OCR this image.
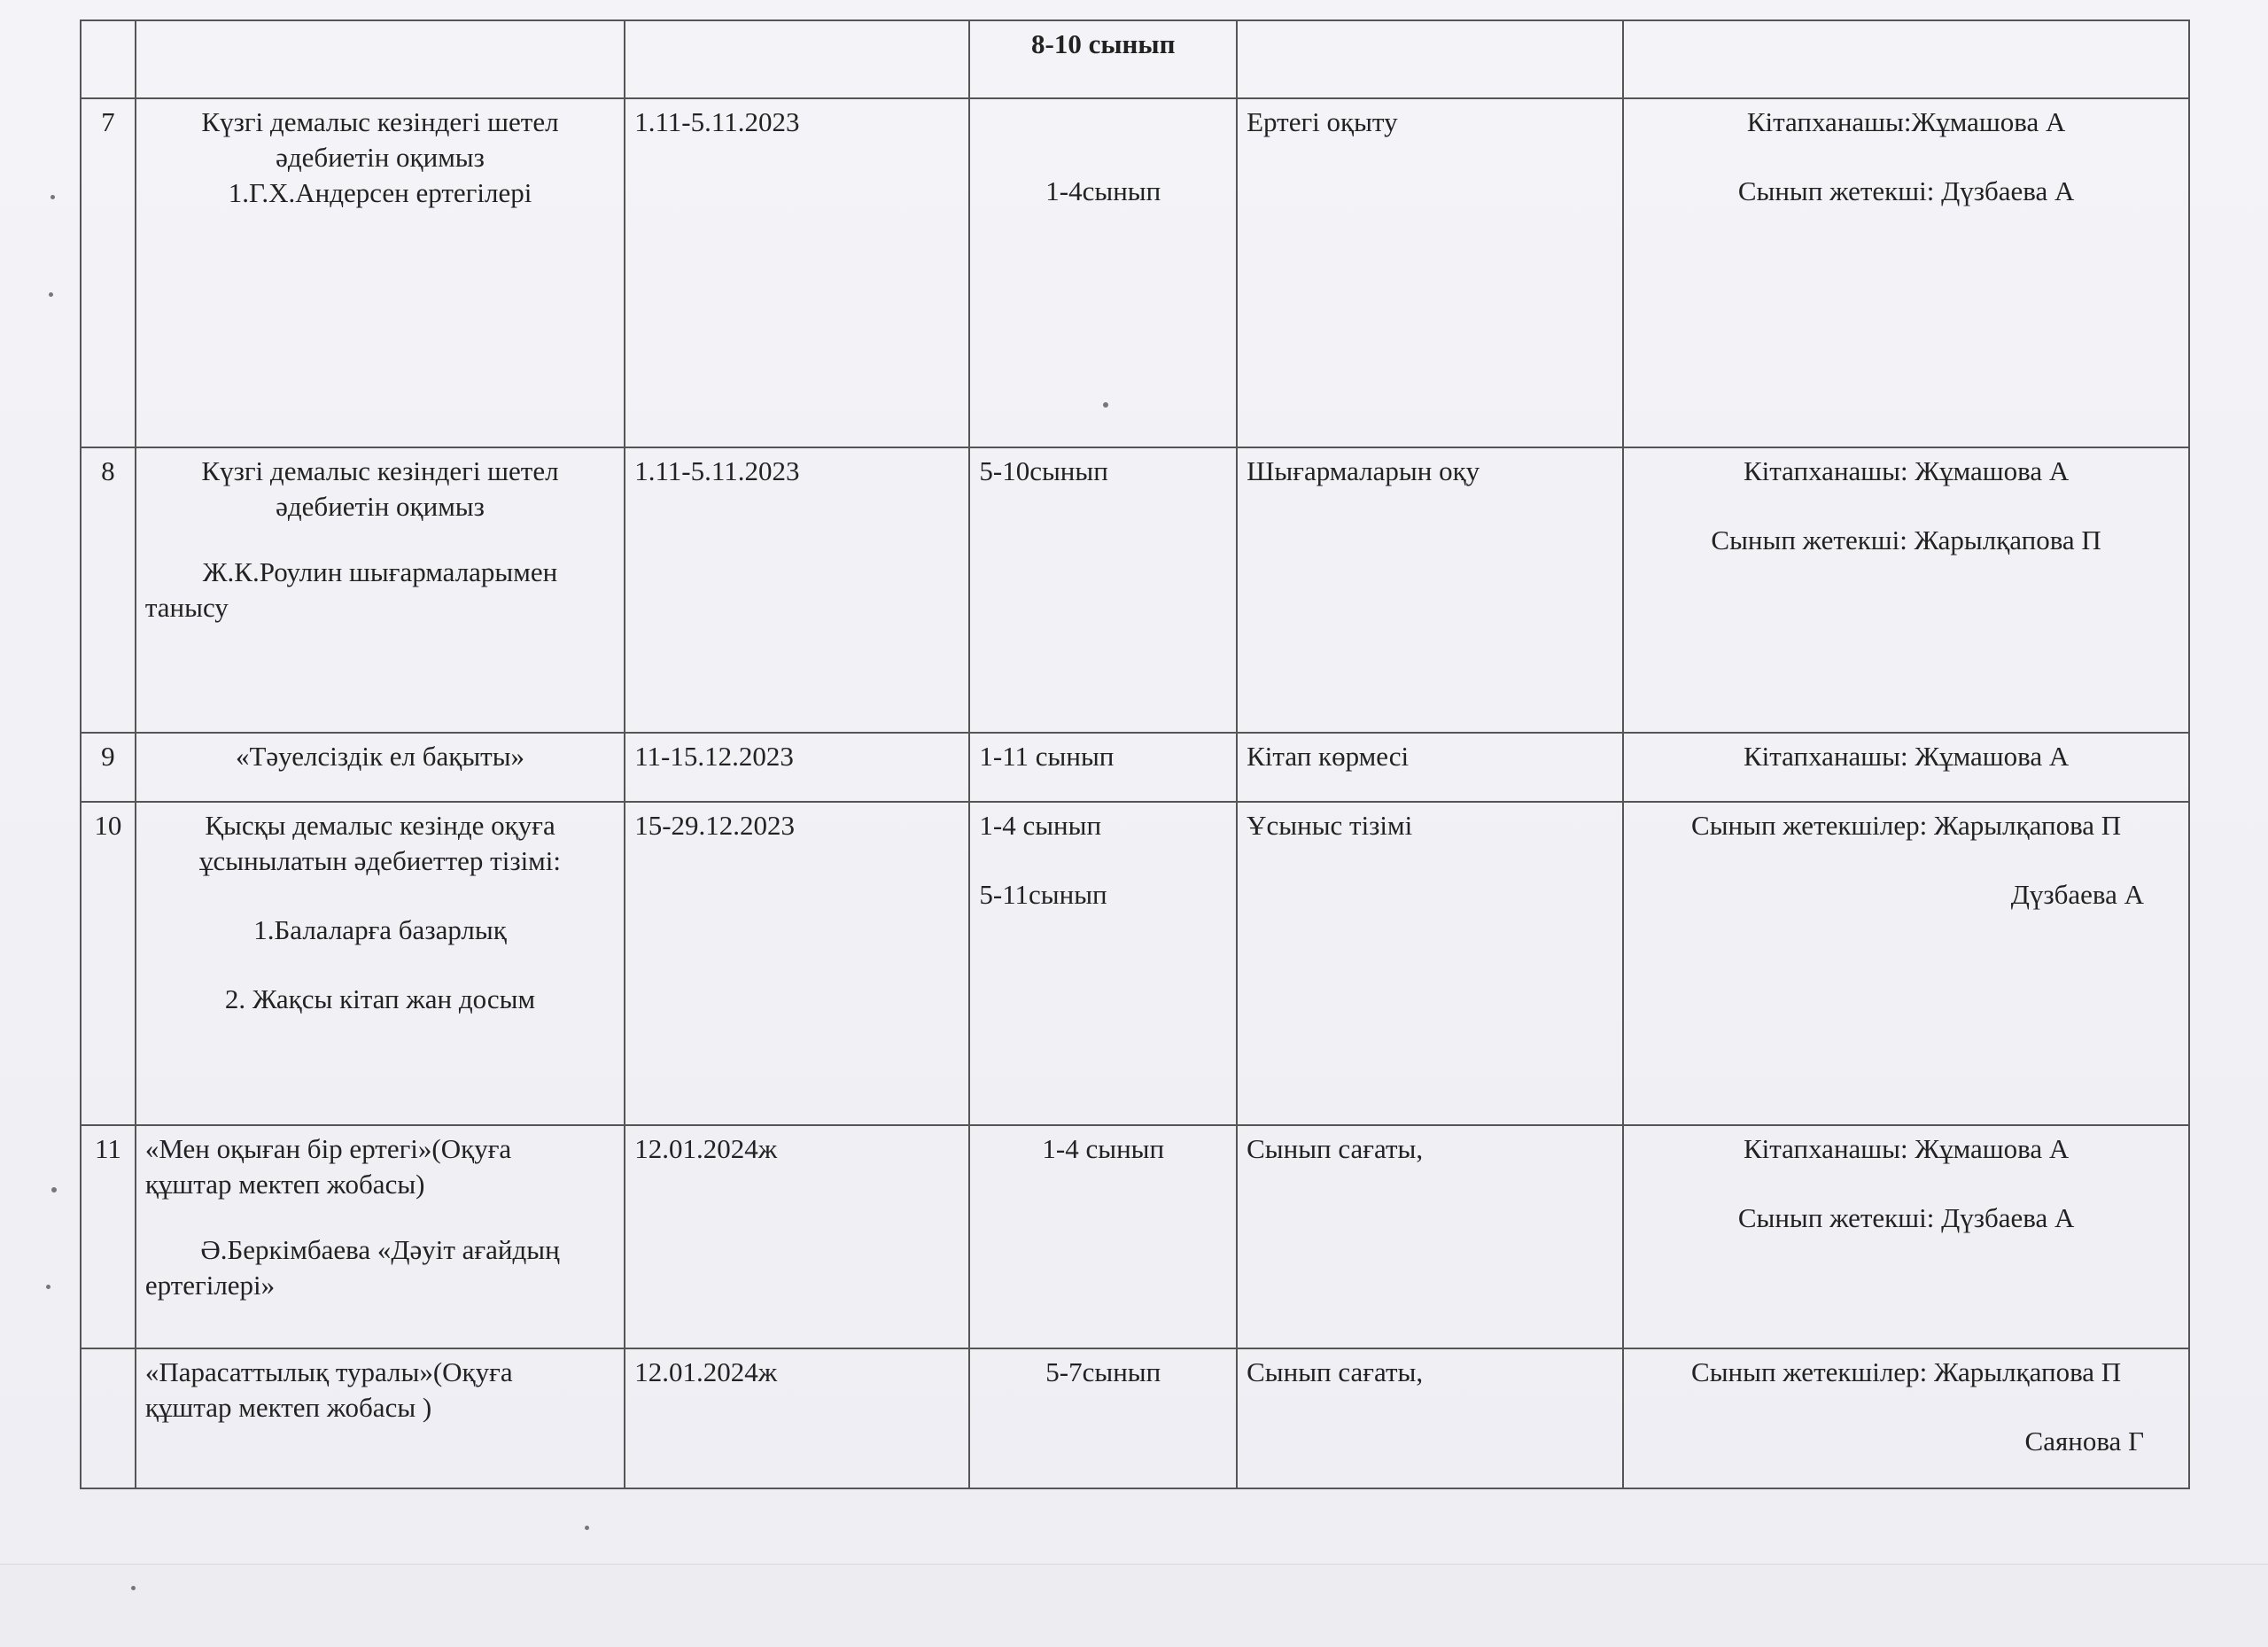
			8-10 сынып		
7	Күзгі демалыс кезіндегі шетел
әдебиетін оқимыз
1.Г.Х.Андерсен ертегілері	1.11-5.11.2023	1-4сынып	Ертегі оқыту	Кітапханашы:Жұмашова А
Сынып жетекші: Дүзбаева А

8	Күзгі демалыс кезіндегі шетел
әдебиетін оқимыз
Ж.К.Роулин шығармаларымен
танысу	1.11-5.11.2023	5-10сынып	Шығармаларын оқу	Кітапханашы: Жұмашова А
Сынып жетекші: Жарылқапова П

9	«Тәуелсіздік ел бақыты»	11-15.12.2023	1-11 сынып	Кітап көрмесі	Кітапханашы: Жұмашова А

10	Қысқы демалыс кезінде оқуға
ұсынылатын әдебиеттер тізімі:
1.Балаларға базарлық
2. Жақсы кітап жан досым	15-29.12.2023	1-4 сынып
5-11сынып	Ұсыныс тізімі	Сынып жетекшілер: Жарылқапова П
Дүзбаева А

11	«Мен оқыған бір ертегі»(Оқуға
құштар мектеп жобасы)
Ә.Беркімбаева «Дәуіт ағайдың
ертегілері»	12.01.2024ж	1-4 сынып	Сынып сағаты,	Кітапханашы: Жұмашова А
Сынып жетекші: Дүзбаева А

	«Парасаттылық туралы»(Оқуға
құштар мектеп жобасы )	12.01.2024ж	5-7сынып	Сынып сағаты,	Сынып жетекшілер: Жарылқапова П
Саянова Г
